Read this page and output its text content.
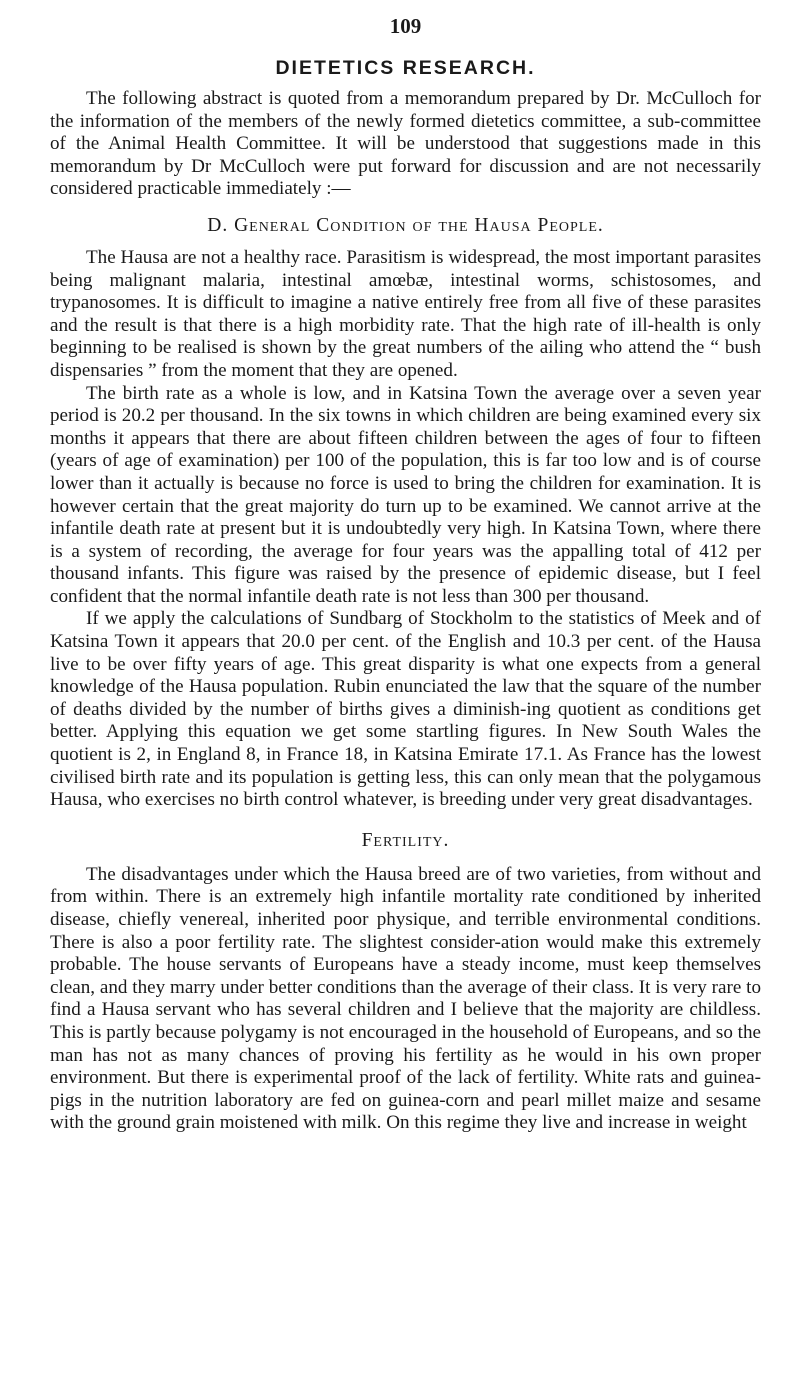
109
DIETETICS RESEARCH.

The following abstract is quoted from a memorandum prepared by Dr. McCulloch for the information of the members of the newly formed dietetics committee, a sub-committee of the Animal Health Committee. It will be understood that suggestions made in this memorandum by Dr McCulloch were put forward for discussion and are not necessarily considered practicable immediately :—

D. General Condition of the Hausa People.

The Hausa are not a healthy race. Parasitism is widespread, the most important parasites being malignant malaria, intestinal amœbæ, intestinal worms, schistosomes, and trypanosomes. It is difficult to imagine a native entirely free from all five of these parasites and the result is that there is a high morbidity rate. That the high rate of ill-health is only beginning to be realised is shown by the great numbers of the ailing who attend the “ bush dispensaries ” from the moment that they are opened.

The birth rate as a whole is low, and in Katsina Town the average over a seven year period is 20.2 per thousand. In the six towns in which children are being examined every six months it appears that there are about fifteen children between the ages of four to fifteen (years of age of examination) per 100 of the population, this is far too low and is of course lower than it actually is because no force is used to bring the children for examination. It is however certain that the great majority do turn up to be examined. We cannot arrive at the infantile death rate at present but it is undoubtedly very high. In Katsina Town, where there is a system of recording, the average for four years was the appalling total of 412 per thousand infants. This figure was raised by the presence of epidemic disease, but I feel confident that the normal infantile death rate is not less than 300 per thousand.

If we apply the calculations of Sundbarg of Stockholm to the statistics of Meek and of Katsina Town it appears that 20.0 per cent. of the English and 10.3 per cent. of the Hausa live to be over fifty years of age. This great disparity is what one expects from a general knowledge of the Hausa population. Rubin enunciated the law that the square of the number of deaths divided by the number of births gives a diminish-ing quotient as conditions get better. Applying this equation we get some startling figures. In New South Wales the quotient is 2, in England 8, in France 18, in Katsina Emirate 17.1. As France has the lowest civilised birth rate and its population is getting less, this can only mean that the polygamous Hausa, who exercises no birth control whatever, is breeding under very great disadvantages.

Fertility.

The disadvantages under which the Hausa breed are of two varieties, from without and from within. There is an extremely high infantile mortality rate conditioned by inherited disease, chiefly venereal, inherited poor physique, and terrible environmental conditions. There is also a poor fertility rate. The slightest consider-ation would make this extremely probable. The house servants of Europeans have a steady income, must keep themselves clean, and they marry under better conditions than the average of their class. It is very rare to find a Hausa servant who has several children and I believe that the majority are childless. This is partly because polygamy is not encouraged in the household of Europeans, and so the man has not as many chances of proving his fertility as he would in his own proper environment. But there is experimental proof of the lack of fertility. White rats and guinea-pigs in the nutrition laboratory are fed on guinea-corn and pearl millet maize and sesame with the ground grain moistened with milk. On this regime they live and increase in weight
